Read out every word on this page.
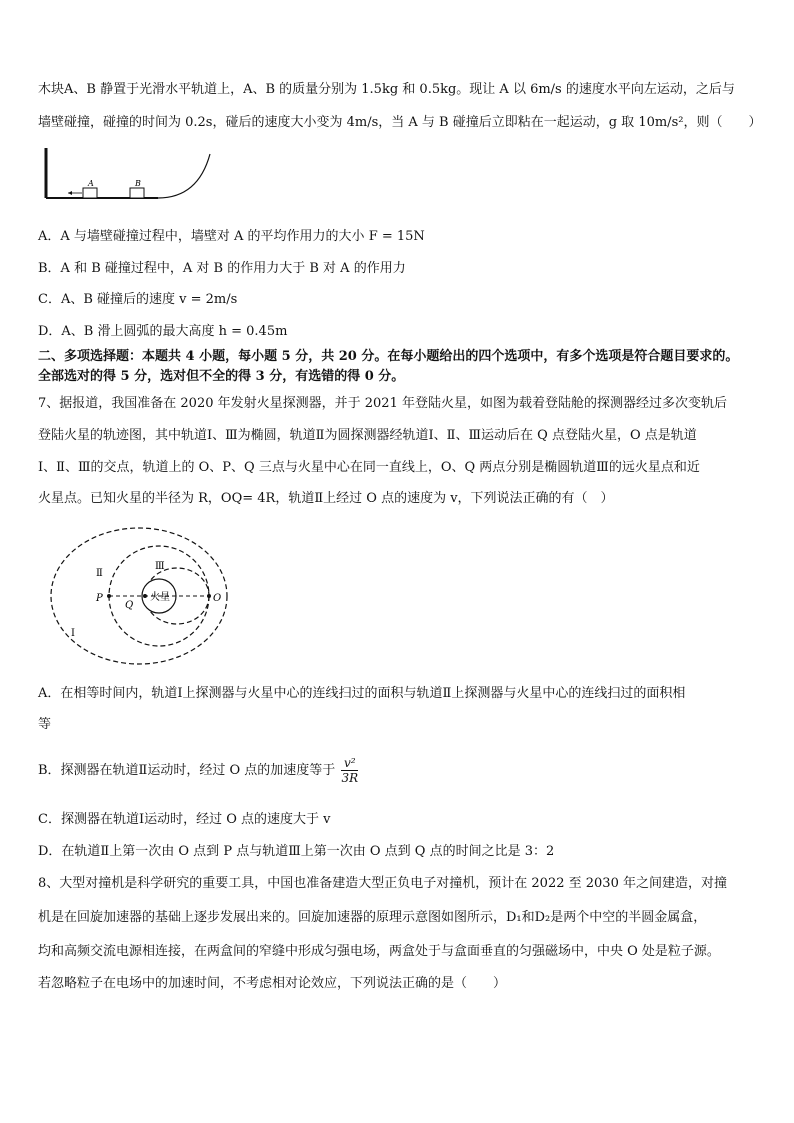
木块A、B 静置于光滑水平轨道上，A、B 的质量分别为 1.5kg 和 0.5kg。现让 A 以 6m/s 的速度水平向左运动，之后与
墙壁碰撞，碰撞的时间为 0.2s，碰后的速度大小变为 4m/s，当 A 与 B 碰撞后立即粘在一起运动，g 取 10m/s²，则（　　）
A	B
A．A 与墙壁碰撞过程中，墙壁对 A 的平均作用力的大小 F = 15N
B．A 和 B 碰撞过程中，A 对 B 的作用力大于 B 对 A 的作用力
C．A、B 碰撞后的速度 v = 2m/s
D．A、B 滑上圆弧的最大高度 h = 0.45m
二、多项选择题：本题共 4 小题，每小题 5 分，共 20 分。在每小题给出的四个选项中，有多个选项是符合题目要求的。
全部选对的得 5 分，选对但不全的得 3 分，有选错的得 0 分。
7、据报道，我国准备在 2020 年发射火星探测器，并于 2021 年登陆火星，如图为载着登陆舱的探测器经过多次变轨后
登陆火星的轨迹图，其中轨道Ⅰ、Ⅲ为椭圆，轨道Ⅱ为圆探测器经轨道Ⅰ、Ⅱ、Ⅲ运动后在 Q 点登陆火星，O 点是轨道
Ⅰ、Ⅱ、Ⅲ的交点，轨道上的 O、P、Q 三点与火星中心在同一直线上，O、Q 两点分别是椭圆轨道Ⅲ的远火星点和近
火星点。已知火星的半径为 R，OQ= 4R，轨道Ⅱ上经过 O 点的速度为 v，下列说法正确的有（　）
火星
P
Q
O
Ⅱ
Ⅲ
Ⅰ
A．在相等时间内，轨道Ⅰ上探测器与火星中心的连线扫过的面积与轨道Ⅱ上探测器与火星中心的连线扫过的面积相
等
B．探测器在轨道Ⅱ运动时，经过 O 点的加速度等于 $\frac{\text{v²}}{3R}$
C．探测器在轨道Ⅰ运动时，经过 O 点的速度大于 v
D．在轨道Ⅱ上第一次由 O 点到 P 点与轨道Ⅲ上第一次由 O 点到 Q 点的时间之比是 3：2
8、大型对撞机是科学研究的重要工具，中国也准备建造大型正负电子对撞机，预计在 2022 至 2030 年之间建造，对撞
机是在回旋加速器的基础上逐步发展出来的。回旋加速器的原理示意图如图所示，D₁和D₂是两个中空的半圆金属盒，
均和高频交流电源相连接，在两盒间的窄缝中形成匀强电场，两盒处于与盒面垂直的匀强磁场中，中央 O 处是粒子源。
若忽略粒子在电场中的加速时间，不考虑相对论效应，下列说法正确的是（　　）
